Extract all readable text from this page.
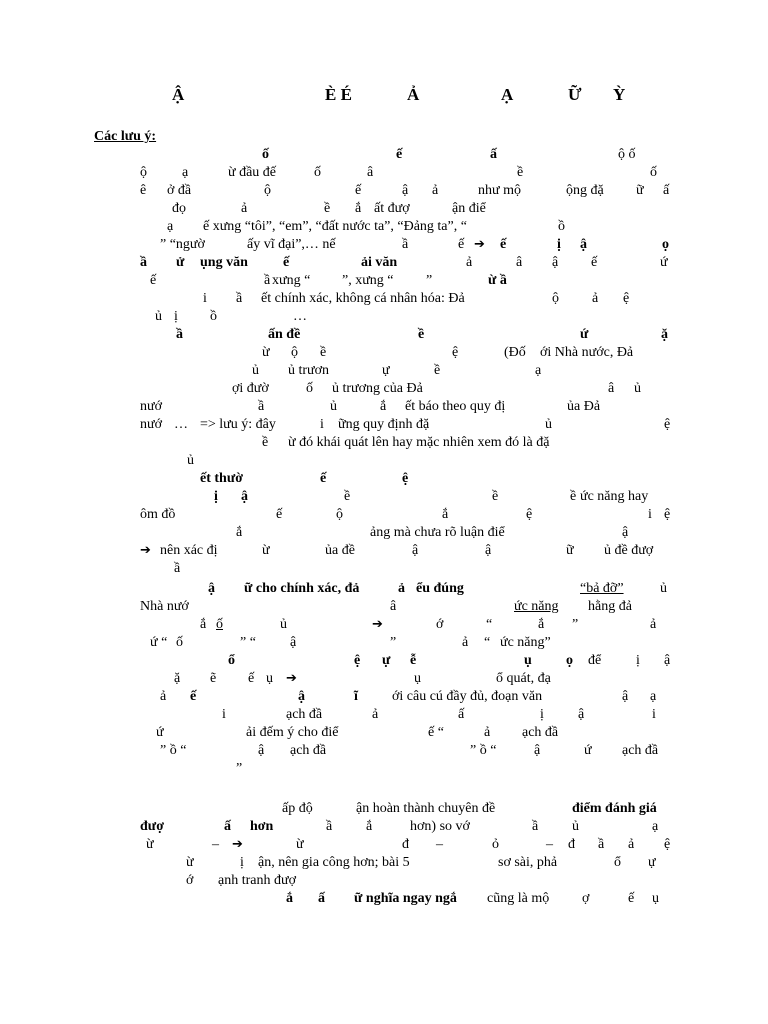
Ậ	È É	Ả	Ạ	Ữ Ỳ
Các lưu ý:
ố	ế	ấ	ộ ố
ộ	ạ	ừ đầu đế	ố	â	ề	ố
ê ở đầ	ộ	ế	ậ ả	như mộ	ộng đặ ữ ấ
đọ	ả	ề ắ ất đượ	ận điể
ạ ế xưng “tôi”, “em”, “đất nước ta”, “Đảng ta”, “	ồ
” “ngườ	ấy vĩ đại”,… nế	ầ	ế ➔ ế	ị ậ	ọ
ầ ử ụng văn	ế	ải văn	ả	â ậ ế	ứ
ế	ầ xưng “ ”, xưng “ ”	ừ ầ
i ầ ết chính xác, không cá nhân hóa: Đả	ộ ả ệ
ủ ị ồ	…
ầ	ấn đề	ề	ứ	ặ
ừ ộ ề	ệ	(Đố ới Nhà nước, Đả
ủ ủ trươn	ự	ề	ạ
ợi đườ	ố ủ trương của Đả	â ủ
nướ	ầ	ủ	ắ ết báo theo quy đị	ủa Đả
nướ … => lưu ý: đây	i ững quy định đặ	ủ	ệ
ề ừ đó khái quát lên hay mặc nhiên xem đó là đặ
ủ
ết thườ	ế	ệ
ị ậ	ề	ề	ề ức năng hay
ôm đồ	ế	ộ	ắ	ệ	i ệ
ắ	ảng mà chưa rõ luận điể	ậ
➔ nên xác đị	ừ	ủa đề	ậ	ậ	ữ ủ đề đượ
ầ
ậ ữ cho chính xác, đả	ả ểu đúng	“bả đỡ”	ủ
Nhà nướ	â	ức năng hằng đả
ắ ố	ủ	➔	ớ	“	ắ ”	ả
ứ “ ố	” “ ậ	”	ả “ ức năng”
ổ	ệ ự ễ	ụ ọ để ị ậ
ặ ẽ ế ụ ➔	ụ	ổ quát, đạ
ả ế	ậ	ĩ ới câu cú đầy đủ, đoạn văn	ậ ạ
i	ạch đầ	ả	ấ	ị ậ	i
ứ	ải đếm ý cho điể	ế “	ả ạch đầ
” ồ “	ậ ạch đầ	” ồ “	ậ	ứ ạch đầ
”
ấp độ	ận hoàn thành chuyên đề	điểm đánh giá
đượ	ấ hơn	ầ ắ	hơn) so vớ	ầ ủ	ạ
ừ	– ➔	ừ	đ –	ỏ	– đ ầ ả ệ
ừ	ị ận, nên gia công hơn; bài 5	sơ sài, phả	ổ ự
ớ ạnh tranh đượ
ắ ấ ữ nghĩa ngay ngắ cũng là mộ ợ	ế ụ
